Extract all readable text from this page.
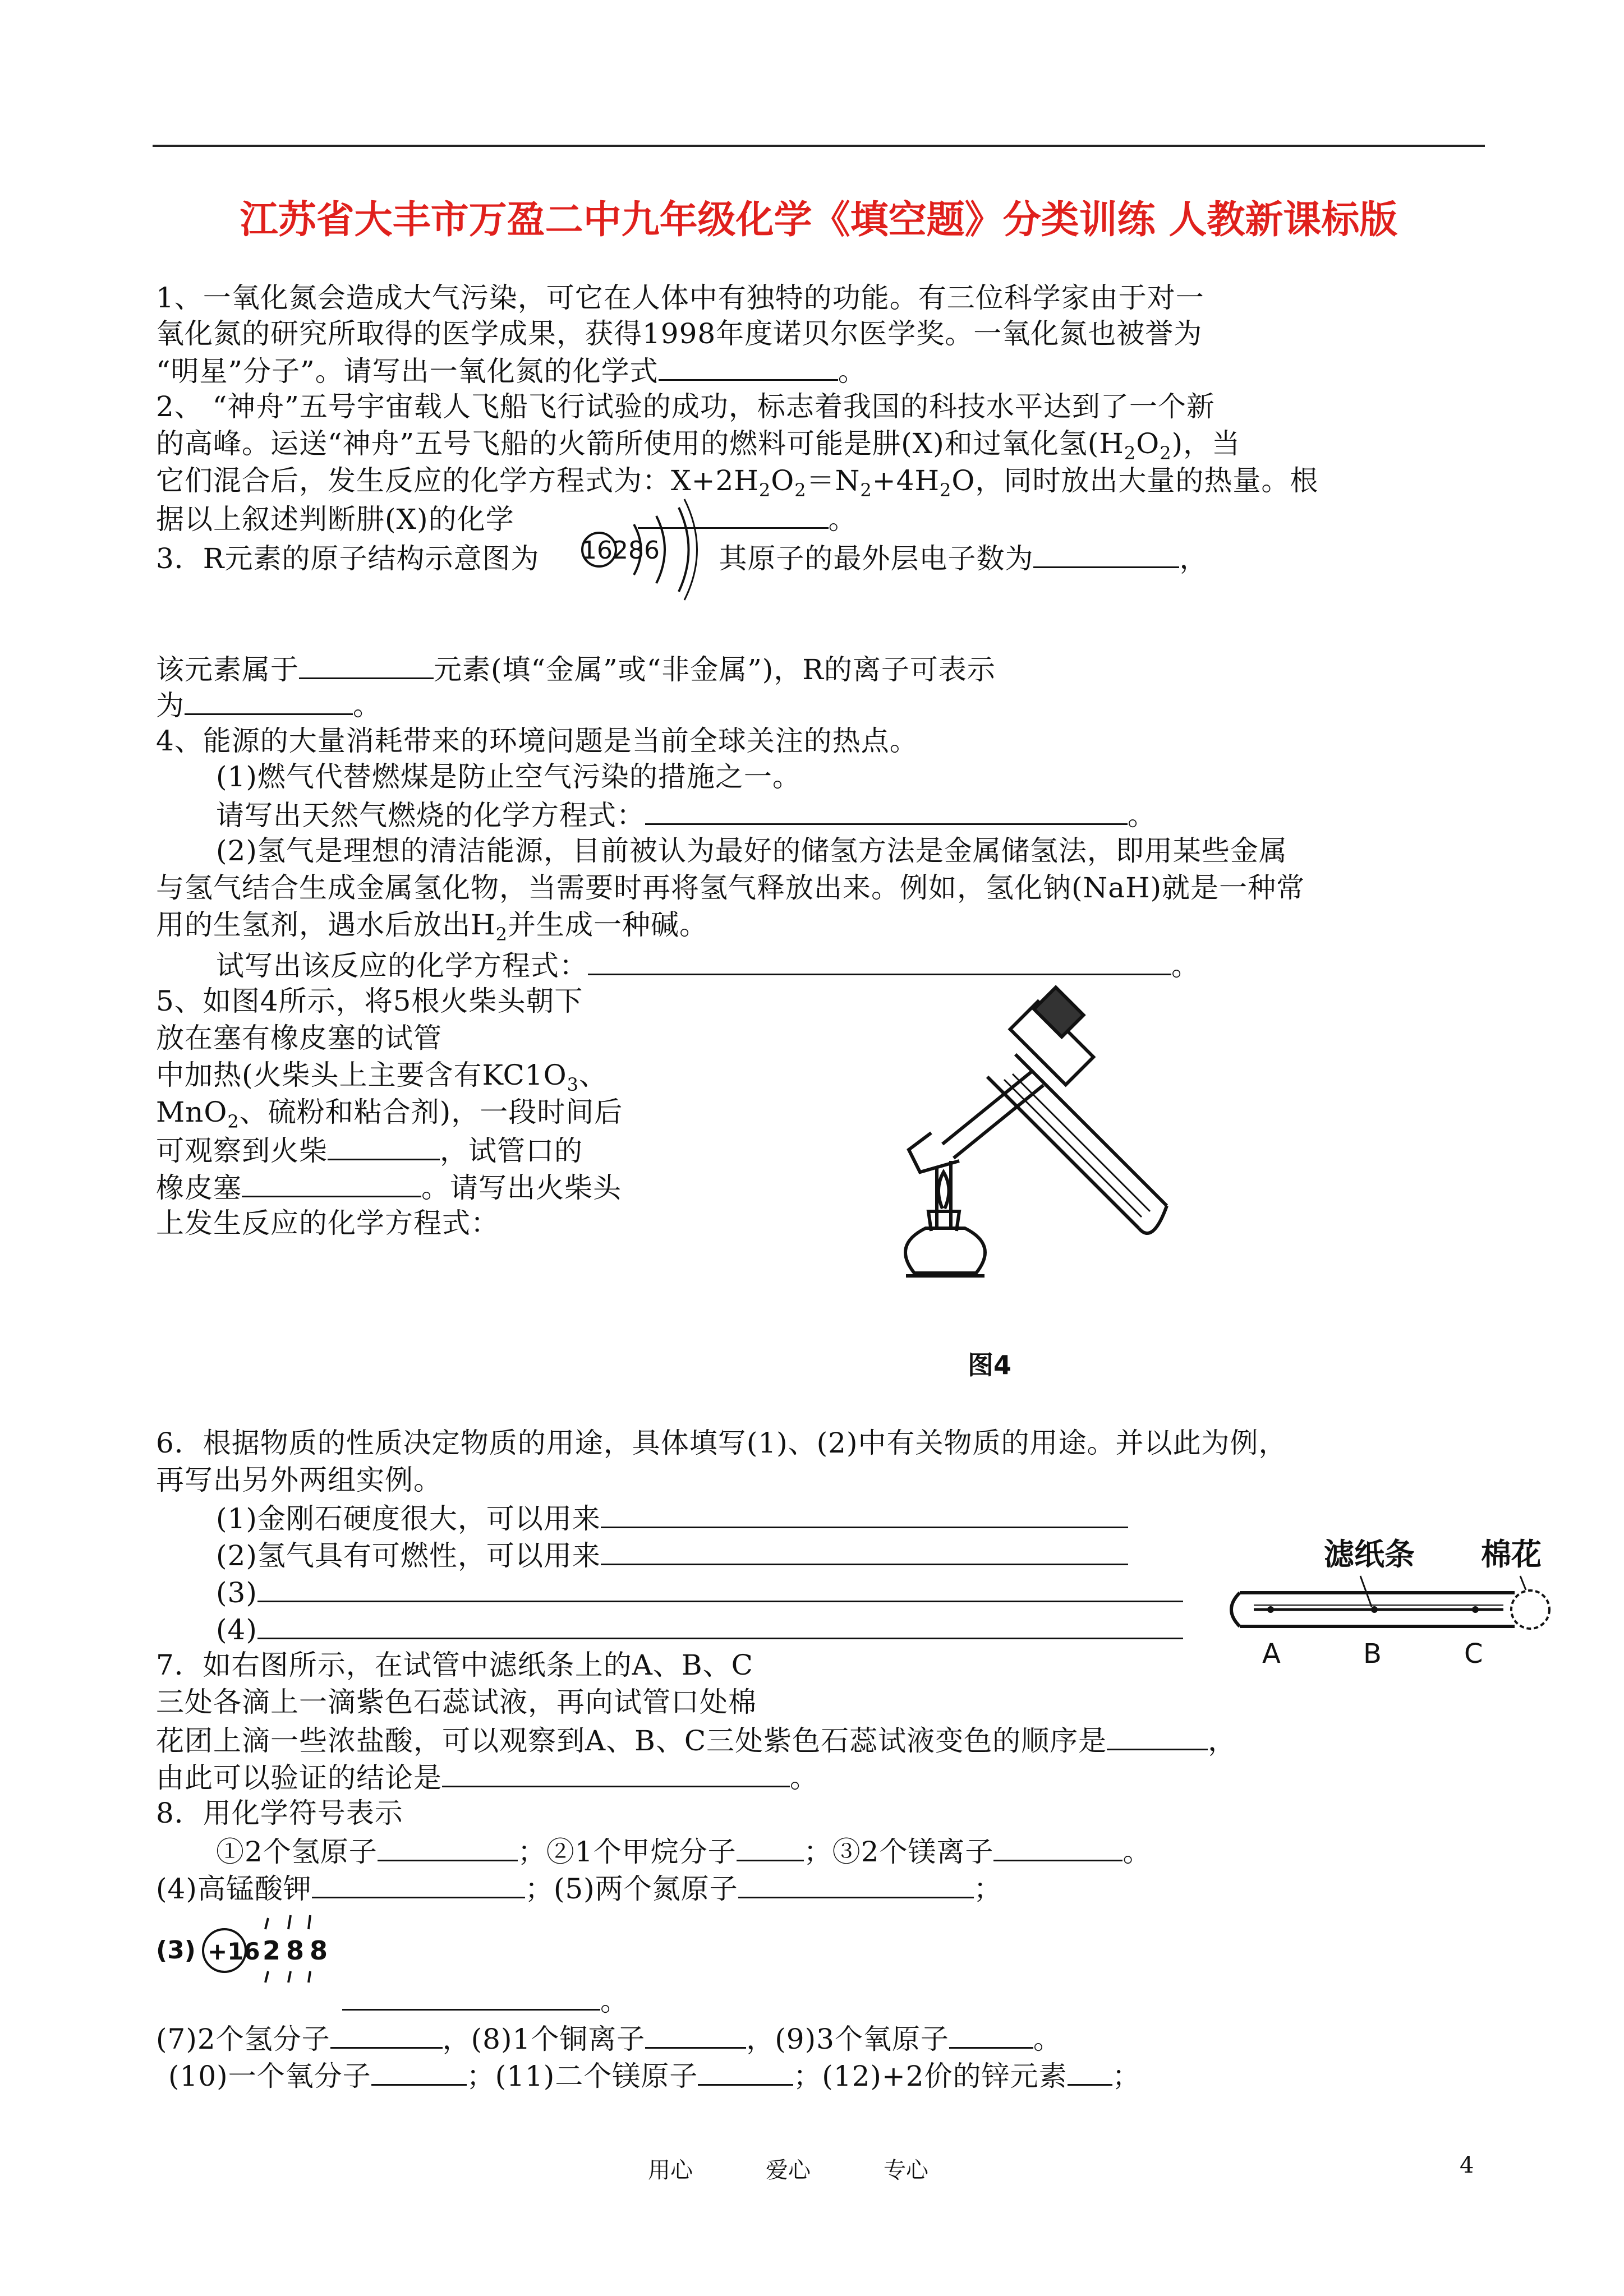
江苏省大丰市万盈二中九年级化学《填空题》分类训练 人教新课标版
1、一氧化氮会造成大气污染，可它在人体中有独特的功能。有三位科学家由于对一
氧化氮的研究所取得的医学成果，获得1998年度诺贝尔医学奖。一氧化氮也被誉为
“明星”分子”。请写出一氧化氮的化学式	。
2、 “神舟”五号宇宙载人飞船飞行试验的成功，标志着我国的科技水平达到了一个新
的高峰。运送“神舟”五号飞船的火箭所使用的燃料可能是肼(X)和过氧化氢$(H_2O_2)$，当
它们混合后，发生反应的化学方程式为：$X+2H_2O_2=N_2+4H_2O$，同时放出大量的热量。根
据以上叙述判断肼(X)的化学	。
3．R元素的原子结构示意图为	其原子的最外层电子数为	，
16286
该元素属于	元素(填“金属”或“非金属”)，R的离子可表示
为	。
4、能源的大量消耗带来的环境问题是当前全球关注的热点。
(1)燃气代替燃煤是防止空气污染的措施之一。
请写出天然气燃烧的化学方程式：	。
(2)氢气是理想的清洁能源，目前被认为最好的储氢方法是金属储氢法，即用某些金属
与氢气结合生成金属氢化物，当需要时再将氢气释放出来。例如，氢化钠(NaH)就是一种常
用的生氢剂，遇水后放出$H_2$并生成一种碱。
试写出该反应的化学方程式：	。
5、如图4所示，将5根火柴头朝下
放在塞有橡皮塞的试管
中加热(火柴头上主要含有$KC1O_3$、
MnO$_2$、硫粉和粘合剂)，一段时间后
可观察到火柴	，试管口的
橡皮塞	。请写出火柴头
上发生反应的化学方程式：
图4
6．根据物质的性质决定物质的用途，具体填写(1)、(2)中有关物质的用途。并以此为例，
再写出另外两组实例。
(1)金刚石硬度很大，可以用来
(2)氢气具有可燃性，可以用来
(3)
(4)
滤纸条 棉花
A	B	C
7．如右图所示，在试管中滤纸条上的A、B、C
三处各滴上一滴紫色石蕊试液，再向试管口处棉
花团上滴一些浓盐酸，可以观察到A、B、C三处紫色石蕊试液变色的顺序是	，
由此可以验证的结论是	。
8．用化学符号表示
①2个氢原子	；②1个甲烷分子 ；③2个镁离子	。
(4)高锰酸钾	；(5)两个氮原子	；
(3) +16 288
。
(7)2个氢分子	，(8)1个铜离子	，(9)3个氧原子	。
(10)一个氧分子	；(11)二个镁原子	；(12)+2价的锌元素 ；
用心	爱心	专心	4
